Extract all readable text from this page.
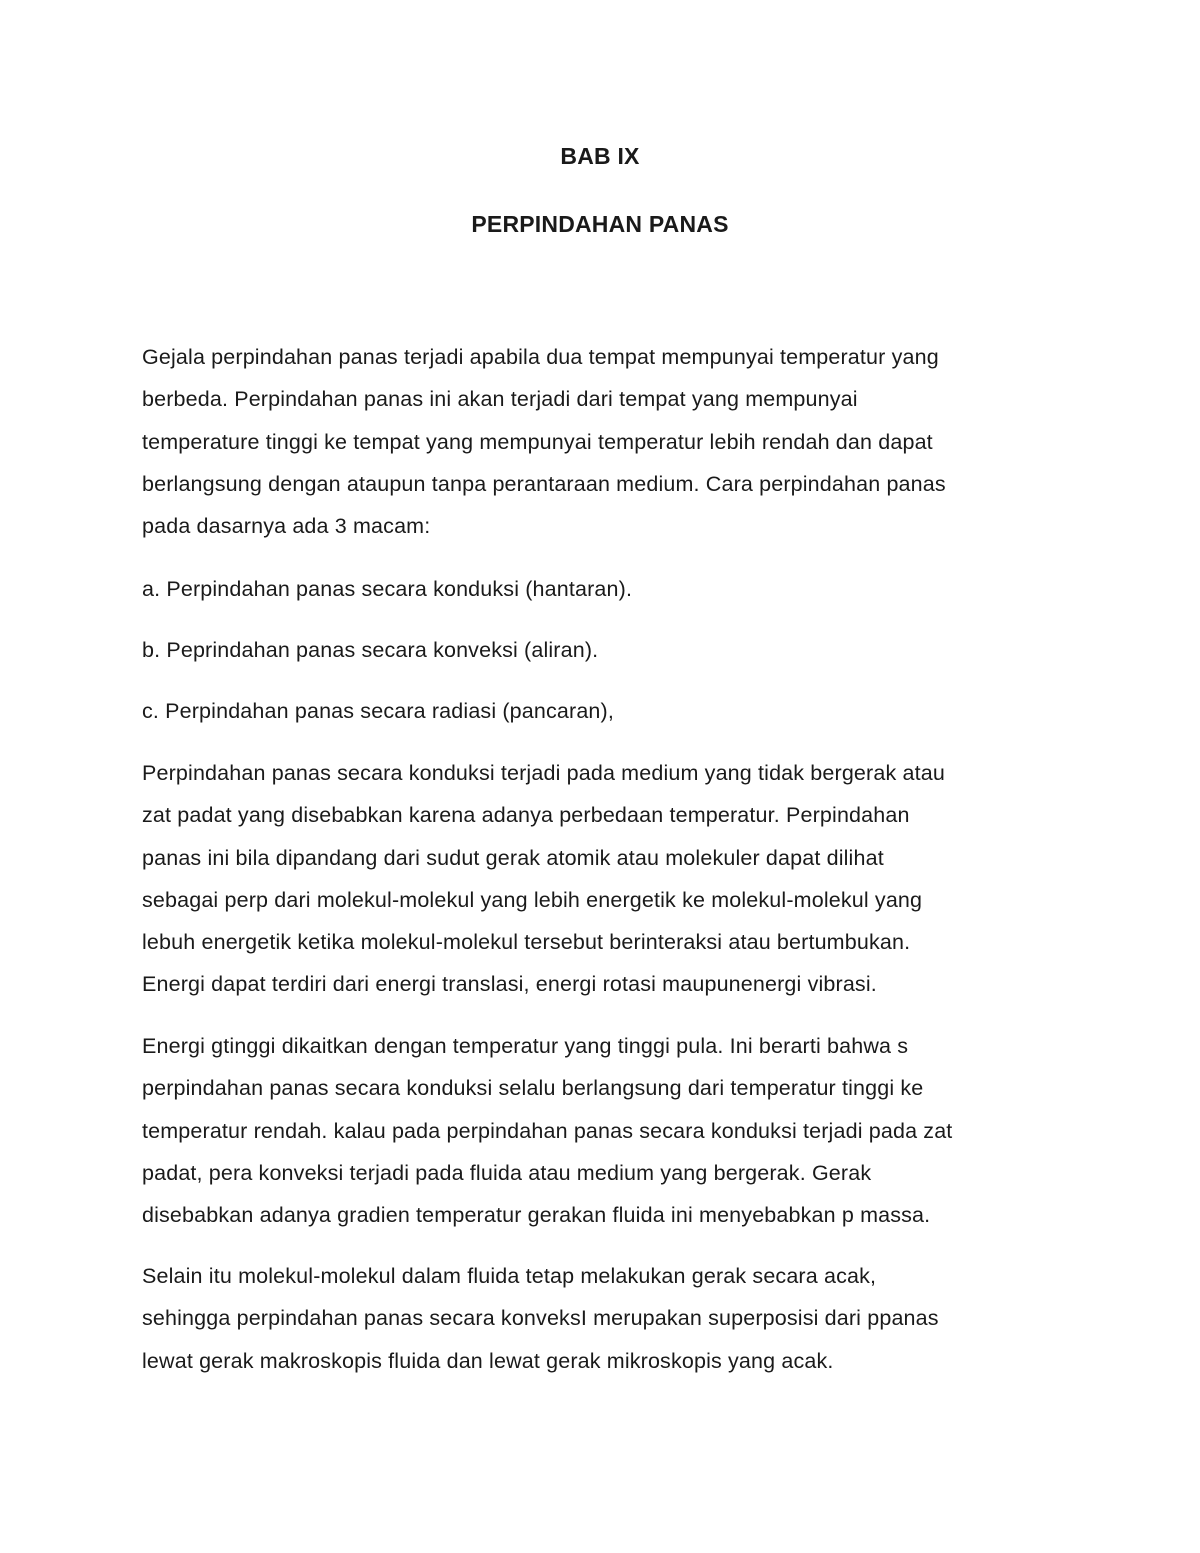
BAB IX
PERPINDAHAN PANAS

Gejala perpindahan panas terjadi apabila dua tempat mempunyai temperatur yang
berbeda. Perpindahan panas ini akan terjadi dari tempat yang mempunyai
temperature tinggi ke tempat yang mempunyai temperatur lebih rendah dan dapat
berlangsung dengan ataupun tanpa perantaraan medium. Cara perpindahan panas
pada dasarnya ada 3 macam:

a. Perpindahan panas secara konduksi (hantaran).

b. Peprindahan panas secara konveksi (aliran).

c. Perpindahan panas secara radiasi (pancaran),

Perpindahan panas secara konduksi terjadi pada medium yang tidak bergerak atau
zat padat yang disebabkan karena adanya perbedaan temperatur. Perpindahan
panas ini bila dipandang dari sudut gerak atomik atau molekuler dapat dilihat
sebagai perp dari molekul-molekul yang lebih energetik ke molekul-molekul yang
lebuh energetik ketika molekul-molekul tersebut berinteraksi atau bertumbukan.
Energi dapat terdiri dari energi translasi, energi rotasi maupunenergi vibrasi.

Energi gtinggi dikaitkan dengan temperatur yang tinggi pula. Ini berarti bahwa s
perpindahan panas secara konduksi selalu berlangsung dari temperatur tinggi ke
temperatur rendah. kalau pada perpindahan panas secara konduksi terjadi pada zat
padat, pera konveksi terjadi pada fluida atau medium yang bergerak. Gerak
disebabkan adanya gradien temperatur gerakan fluida ini menyebabkan p massa.

Selain itu molekul-molekul dalam fluida tetap melakukan gerak secara acak,
sehingga perpindahan panas secara konveksI merupakan superposisi dari ppanas
lewat gerak makroskopis fluida dan lewat gerak mikroskopis yang acak.
